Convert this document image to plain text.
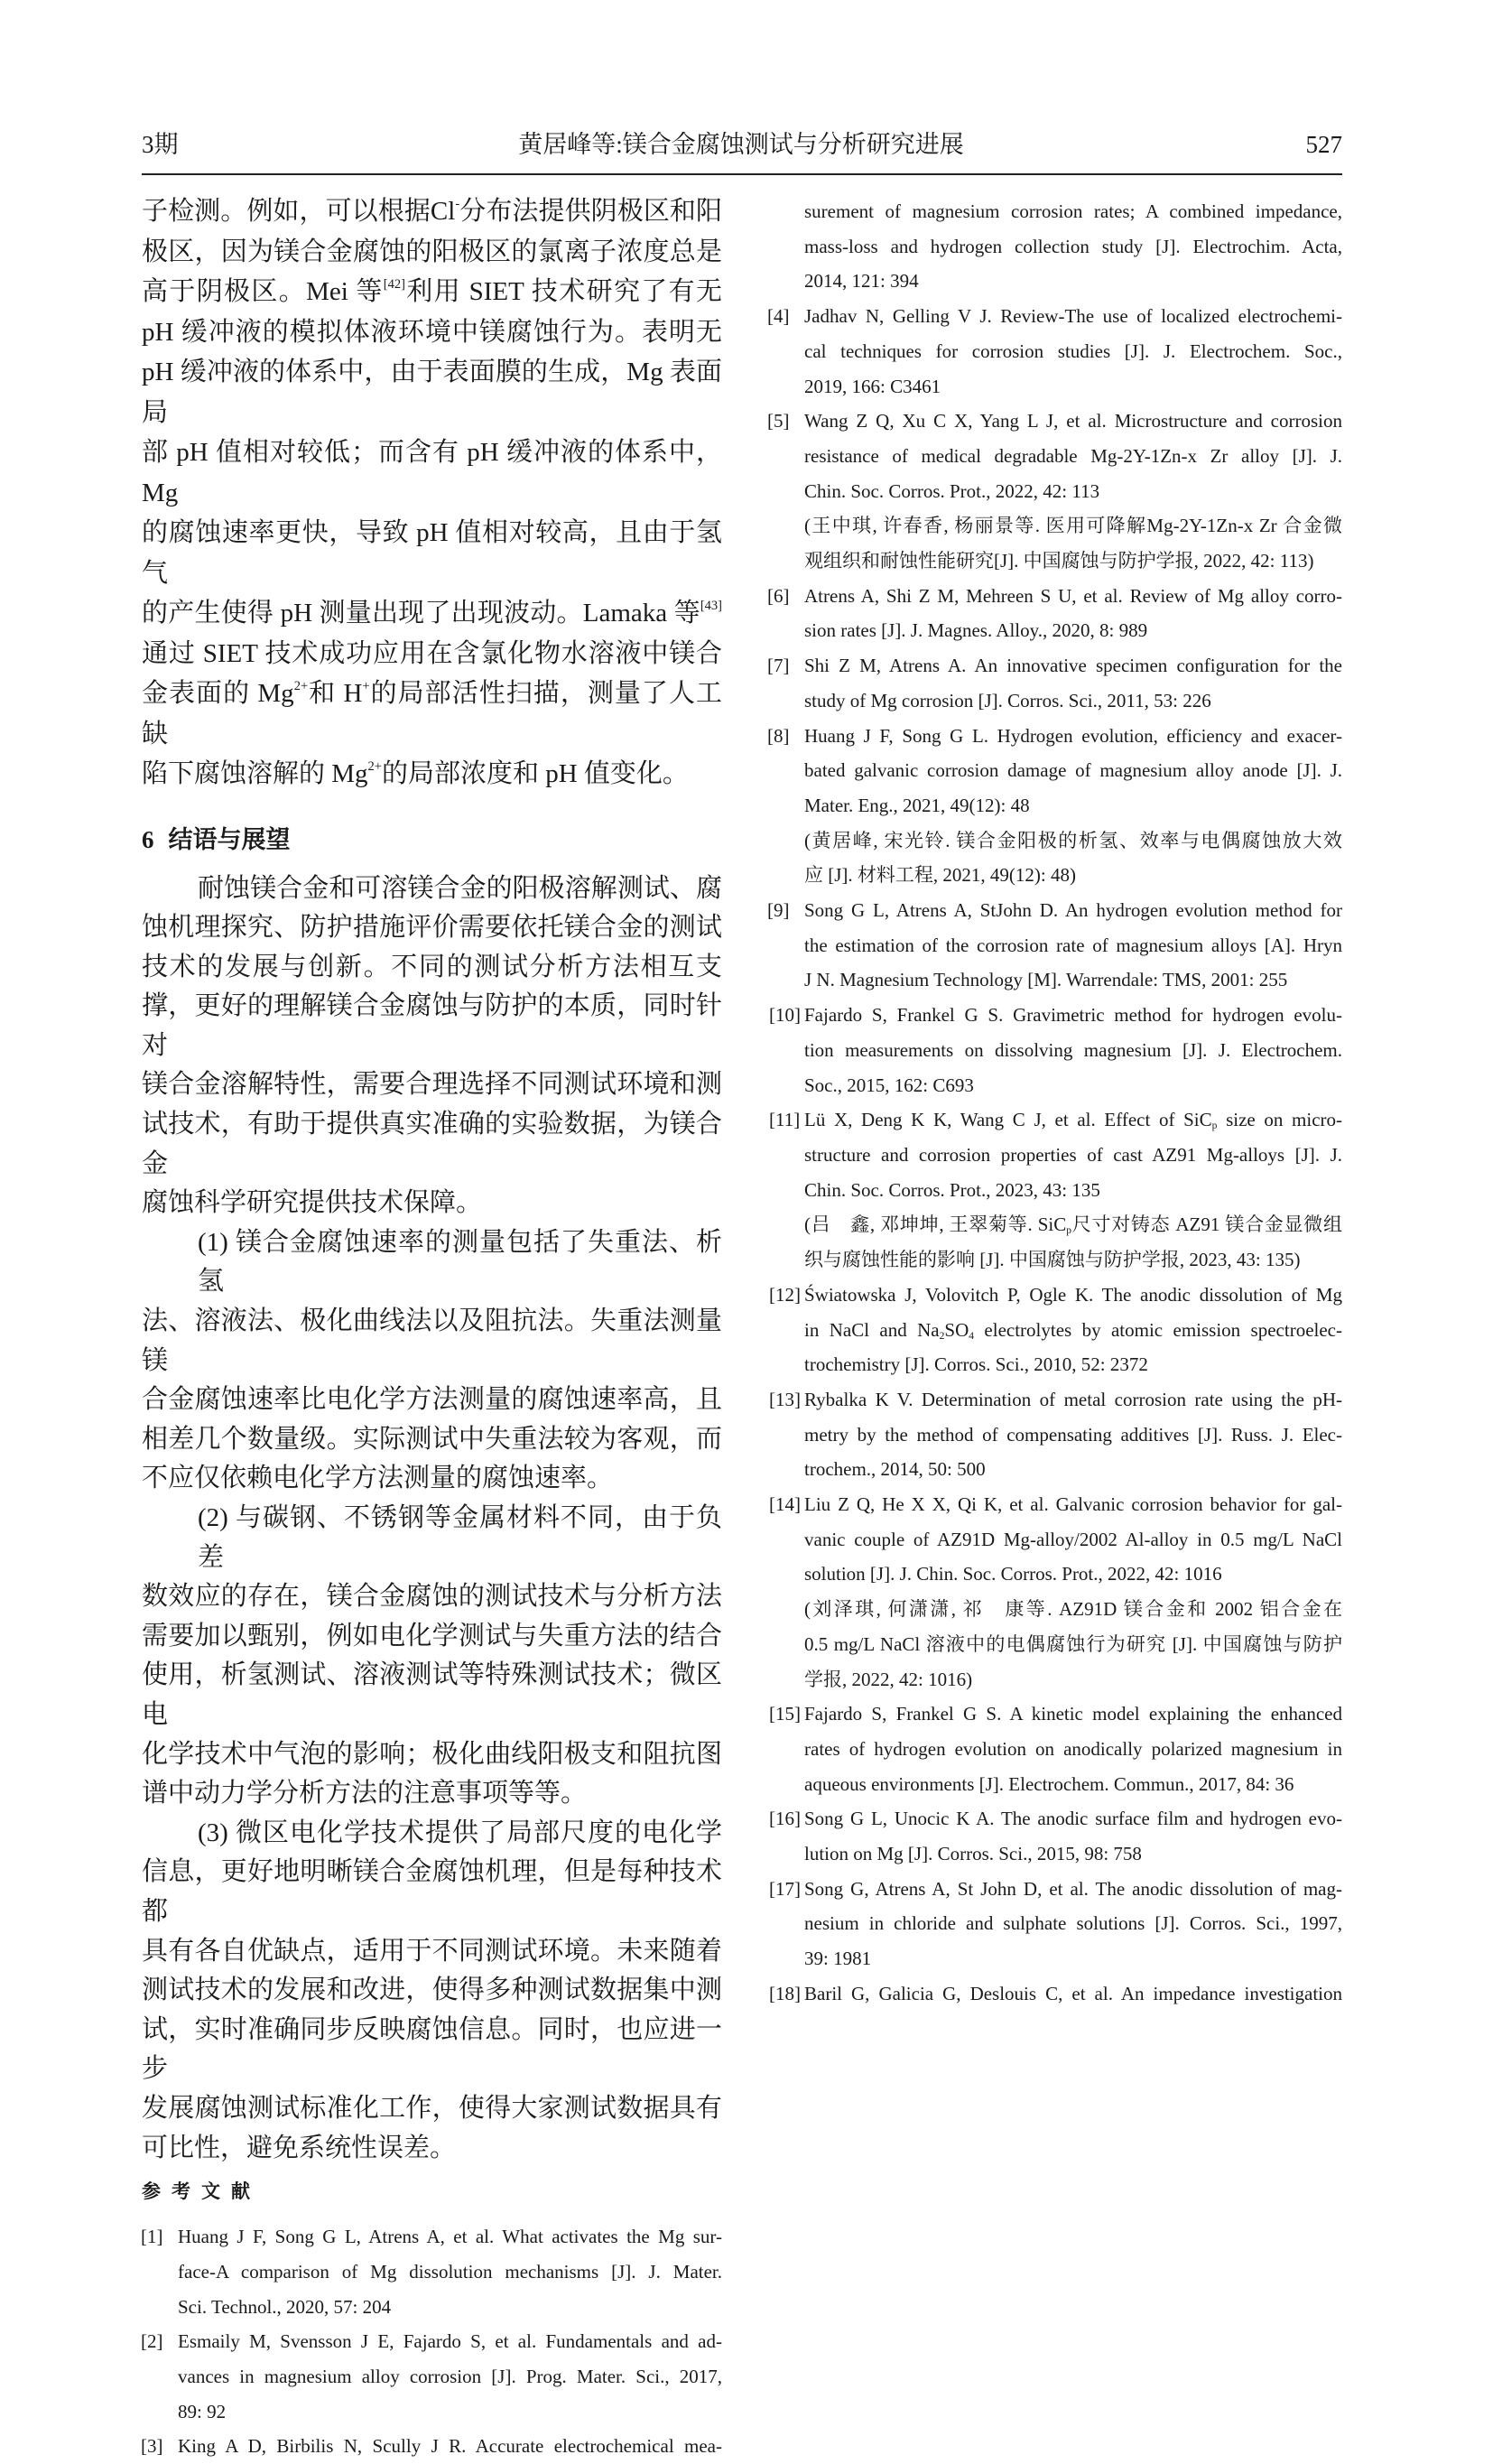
3期	黄居峰等:镁合金腐蚀测试与分析研究进展	527
子检测。例如，可以根据Cl-分布法提供阴极区和阳
极区，因为镁合金腐蚀的阳极区的氯离子浓度总是
高于阴极区。Mei 等[42]利用 SIET 技术研究了有无
pH 缓冲液的模拟体液环境中镁腐蚀行为。表明无
pH 缓冲液的体系中，由于表面膜的生成，Mg 表面局
部 pH 值相对较低；而含有 pH 缓冲液的体系中，Mg
的腐蚀速率更快，导致 pH 值相对较高，且由于氢气
的产生使得 pH 测量出现了出现波动。Lamaka 等[43]
通过 SIET 技术成功应用在含氯化物水溶液中镁合
金表面的 $Mg^{2+}$和 H+的局部活性扫描，测量了人工缺
陷下腐蚀溶解的 $Mg^{2+}$的局部浓度和 pH 值变化。
6 结语与展望
耐蚀镁合金和可溶镁合金的阳极溶解测试、腐
蚀机理探究、防护措施评价需要依托镁合金的测试
技术的发展与创新。不同的测试分析方法相互支
撑，更好的理解镁合金腐蚀与防护的本质，同时针对
镁合金溶解特性，需要合理选择不同测试环境和测
试技术，有助于提供真实准确的实验数据，为镁合金
腐蚀科学研究提供技术保障。
(1) 镁合金腐蚀速率的测量包括了失重法、析氢
法、溶液法、极化曲线法以及阻抗法。失重法测量镁
合金腐蚀速率比电化学方法测量的腐蚀速率高，且
相差几个数量级。实际测试中失重法较为客观，而
不应仅依赖电化学方法测量的腐蚀速率。
(2) 与碳钢、不锈钢等金属材料不同，由于负差
数效应的存在，镁合金腐蚀的测试技术与分析方法
需要加以甄别，例如电化学测试与失重方法的结合
使用，析氢测试、溶液测试等特殊测试技术；微区电
化学技术中气泡的影响；极化曲线阳极支和阻抗图
谱中动力学分析方法的注意事项等等。
(3) 微区电化学技术提供了局部尺度的电化学
信息，更好地明晰镁合金腐蚀机理，但是每种技术都
具有各自优缺点，适用于不同测试环境。未来随着
测试技术的发展和改进，使得多种测试数据集中测
试，实时准确同步反映腐蚀信息。同时，也应进一步
发展腐蚀测试标准化工作，使得大家测试数据具有
可比性，避免系统性误差。
参考文献
[1] Huang J F, Song G L, Atrens A, et al. What activates the Mg sur-
face-A comparison of Mg dissolution mechanisms [J]. J. Mater.
Sci. Technol., 2020, 57: 204
[2] Esmaily M, Svensson J E, Fajardo S, et al. Fundamentals and ad-
vances in magnesium alloy corrosion [J]. Prog. Mater. Sci., 2017,
89: 92
[3] King A D, Birbilis N, Scully J R. Accurate electrochemical mea-
surement of magnesium corrosion rates; A combined impedance,
mass-loss and hydrogen collection study [J]. Electrochim. Acta,
2014, 121: 394
[4] Jadhav N, Gelling V J. Review-The use of localized electrochemi-
cal techniques for corrosion studies [J]. J. Electrochem. Soc.,
2019, 166: C3461
[5] Wang Z Q, Xu C X, Yang L J, et al. Microstructure and corrosion
resistance of medical degradable Mg-2Y-1Zn-x Zr alloy [J]. J.
Chin. Soc. Corros. Prot., 2022, 42: 113
(王中琪, 许春香, 杨丽景等. 医用可降解Mg-2Y-1Zn-x Zr 合金微
观组织和耐蚀性能研究[J]. 中国腐蚀与防护学报, 2022, 42: 113)
[6] Atrens A, Shi Z M, Mehreen S U, et al. Review of Mg alloy corro-
sion rates [J]. J. Magnes. Alloy., 2020, 8: 989
[7] Shi Z M, Atrens A. An innovative specimen configuration for the
study of Mg corrosion [J]. Corros. Sci., 2011, 53: 226
[8] Huang J F, Song G L. Hydrogen evolution, efficiency and exacer-
bated galvanic corrosion damage of magnesium alloy anode [J]. J.
Mater. Eng., 2021, 49(12): 48
(黄居峰, 宋光铃. 镁合金阳极的析氢、效率与电偶腐蚀放大效
应 [J]. 材料工程, 2021, 49(12): 48)
[9] Song G L, Atrens A, StJohn D. An hydrogen evolution method for
the estimation of the corrosion rate of magnesium alloys [A]. Hryn
J N. Magnesium Technology [M]. Warrendale: TMS, 2001: 255
[10] Fajardo S, Frankel G S. Gravimetric method for hydrogen evolu-
tion measurements on dissolving magnesium [J]. J. Electrochem.
Soc., 2015, 162: C693
[11] Lü X, Deng K K, Wang C J, et al. Effect of SiC$_p$ size on micro-
structure and corrosion properties of cast AZ91 Mg-alloys [J]. J.
Chin. Soc. Corros. Prot., 2023, 43: 135
(吕　鑫, 邓坤坤, 王翠菊等. SiC$_p$尺寸对铸态 AZ91 镁合金显微组
织与腐蚀性能的影响 [J]. 中国腐蚀与防护学报, 2023, 43: 135)
[12] Światowska J, Volovitch P, Ogle K. The anodic dissolution of Mg
in NaCl and $Na_2SO_4$ electrolytes by atomic emission spectroelec-
trochemistry [J]. Corros. Sci., 2010, 52: 2372
[13] Rybalka K V. Determination of metal corrosion rate using the pH-
metry by the method of compensating additives [J]. Russ. J. Elec-
trochem., 2014, 50: 500
[14] Liu Z Q, He X X, Qi K, et al. Galvanic corrosion behavior for gal-
vanic couple of AZ91D Mg-alloy/2002 Al-alloy in 0.5 mg/L NaCl
solution [J]. J. Chin. Soc. Corros. Prot., 2022, 42: 1016
(刘泽琪, 何潇潇, 祁　康等. AZ91D 镁合金和 2002 铝合金在
0.5 mg/L NaCl 溶液中的电偶腐蚀行为研究 [J]. 中国腐蚀与防护
学报, 2022, 42: 1016)
[15] Fajardo S, Frankel G S. A kinetic model explaining the enhanced
rates of hydrogen evolution on anodically polarized magnesium in
aqueous environments [J]. Electrochem. Commun., 2017, 84: 36
[16] Song G L, Unocic K A. The anodic surface film and hydrogen evo-
lution on Mg [J]. Corros. Sci., 2015, 98: 758
[17] Song G, Atrens A, St John D, et al. The anodic dissolution of mag-
nesium in chloride and sulphate solutions [J]. Corros. Sci., 1997,
39: 1981
[18] Baril G, Galicia G, Deslouis C, et al. An impedance investigation
